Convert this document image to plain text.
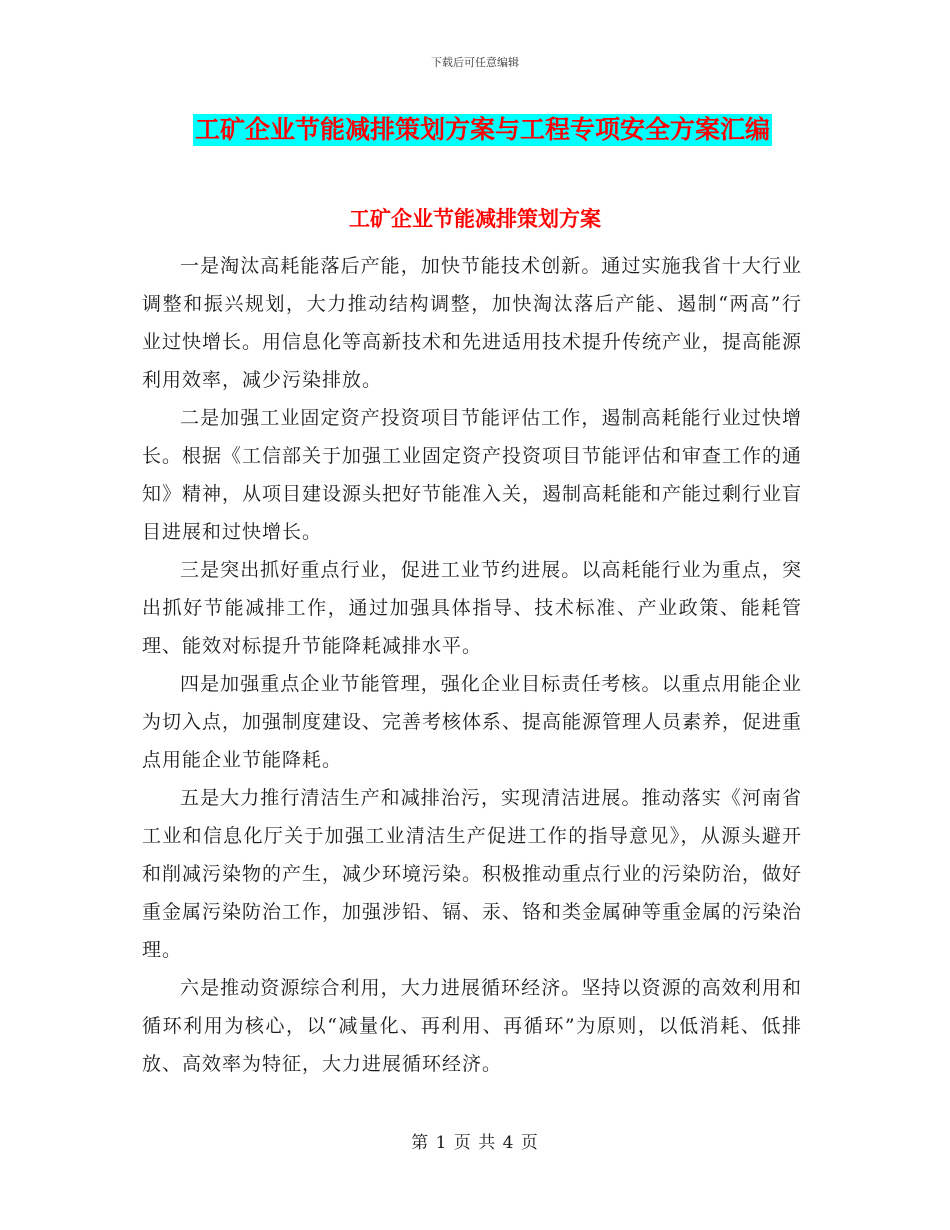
下载后可任意编辑
工矿企业节能减排策划方案与工程专项安全方案汇编
工矿企业节能减排策划方案

一是淘汰高耗能落后产能，加快节能技术创新。通过实施我省十大行业调整和振兴规划，大力推动结构调整，加快淘汰落后产能、遏制“两高”行业过快增长。用信息化等高新技术和先进适用技术提升传统产业，提高能源利用效率，减少污染排放。

二是加强工业固定资产投资项目节能评估工作，遏制高耗能行业过快增长。根据《工信部关于加强工业固定资产投资项目节能评估和审查工作的通知》精神，从项目建设源头把好节能准入关，遏制高耗能和产能过剩行业盲目进展和过快增长。

三是突出抓好重点行业，促进工业节约进展。以高耗能行业为重点，突出抓好节能减排工作，通过加强具体指导、技术标准、产业政策、能耗管理、能效对标提升节能降耗减排水平。

四是加强重点企业节能管理，强化企业目标责任考核。以重点用能企业为切入点，加强制度建设、完善考核体系、提高能源管理人员素养，促进重点用能企业节能降耗。

五是大力推行清洁生产和减排治污，实现清洁进展。推动落实《河南省工业和信息化厅关于加强工业清洁生产促进工作的指导意见》，从源头避开和削减污染物的产生，减少环境污染。积极推动重点行业的污染防治，做好重金属污染防治工作，加强涉铅、镉、汞、铬和类金属砷等重金属的污染治理。

六是推动资源综合利用，大力进展循环经济。坚持以资源的高效利用和循环利用为核心，以“减量化、再利用、再循环”为原则，以低消耗、低排放、高效率为特征，大力进展循环经济。

第 1 页 共 4 页
